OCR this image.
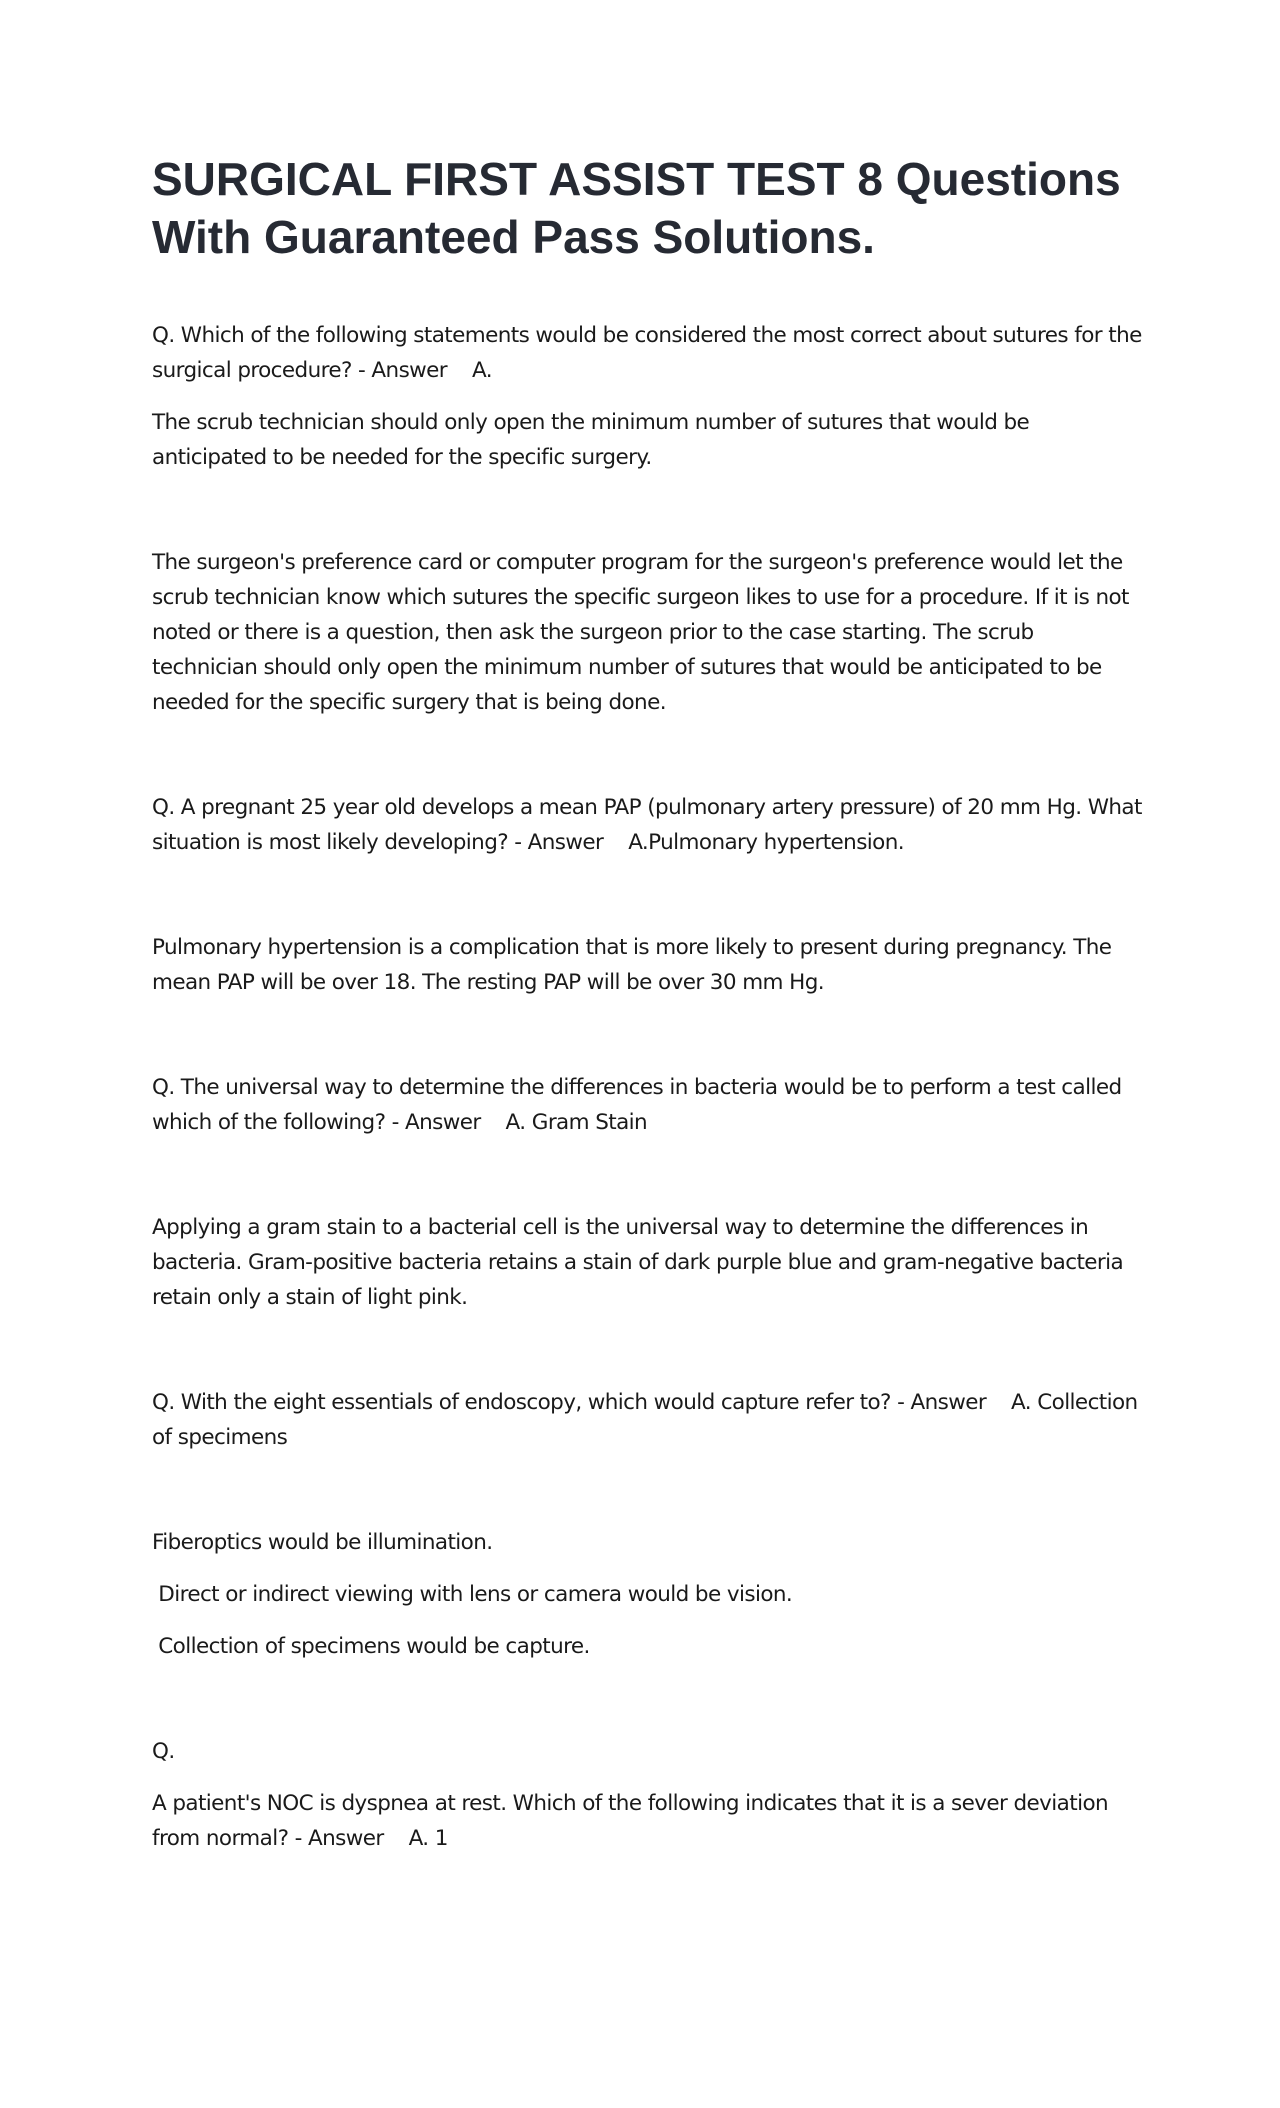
SURGICAL FIRST ASSIST TEST 8 Questions With Guaranteed Pass Solutions.

Q. Which of the following statements would be considered the most correct about sutures for the surgical procedure? - Answer    A.

The scrub technician should only open the minimum number of sutures that would be anticipated to be needed for the specific surgery.

The surgeon's preference card or computer program for the surgeon's preference would let the scrub technician know which sutures the specific surgeon likes to use for a procedure. If it is not noted or there is a question, then ask the surgeon prior to the case starting. The scrub technician should only open the minimum number of sutures that would be anticipated to be needed for the specific surgery that is being done.

Q. A pregnant 25 year old develops a mean PAP (pulmonary artery pressure) of 20 mm Hg. What situation is most likely developing? - Answer    A.Pulmonary hypertension.

Pulmonary hypertension is a complication that is more likely to present during pregnancy. The mean PAP will be over 18. The resting PAP will be over 30 mm Hg.

Q. The universal way to determine the differences in bacteria would be to perform a test called which of the following? - Answer    A. Gram Stain

Applying a gram stain to a bacterial cell is the universal way to determine the differences in bacteria. Gram-positive bacteria retains a stain of dark purple blue and gram-negative bacteria retain only a stain of light pink.

Q. With the eight essentials of endoscopy, which would capture refer to? - Answer    A. Collection of specimens

Fiberoptics would be illumination.

Direct or indirect viewing with lens or camera would be vision.

Collection of specimens would be capture.

Q.

A patient's NOC is dyspnea at rest. Which of the following indicates that it is a sever deviation from normal? - Answer    A. 1
